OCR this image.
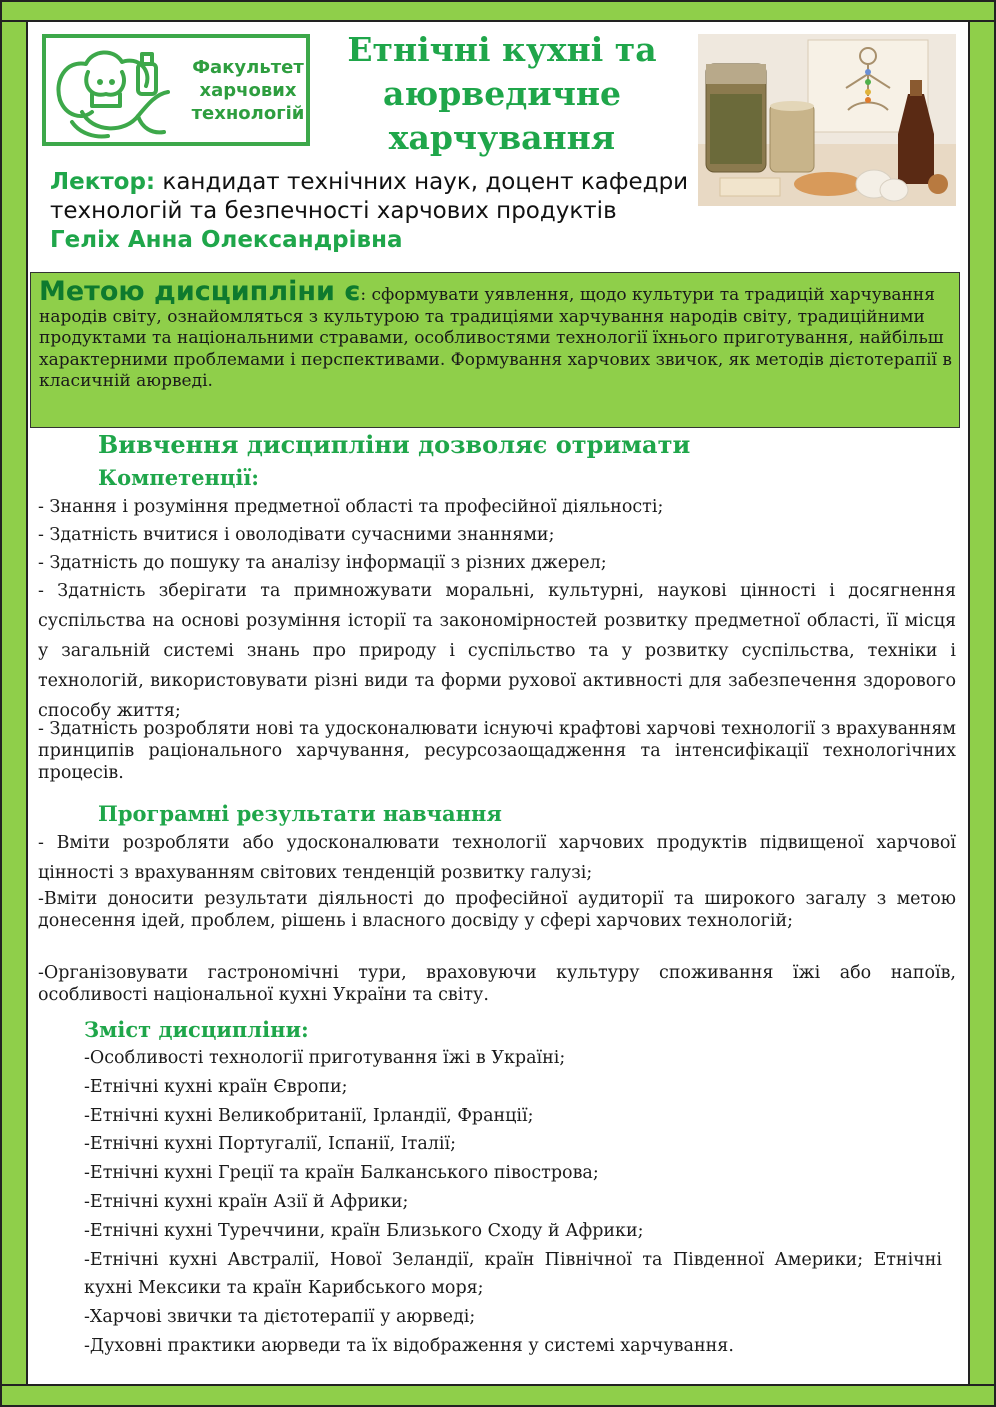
Факультет
харчових
технологій
Етнічні кухні та
аюрведичне
харчування
Лектор: кандидат технічних наук, доцент кафедри технологій та безпечності харчових продуктів Геліх Анна Олександрівна
Метою дисципліни є: сформувати уявлення, щодо культури та традицій харчування народів світу, ознайомляться з культурою та традиціями харчування народів світу, традиційними продуктами та національними стравами, особливостями технології їхнього приготування, найбільш характерними проблемами і перспективами. Формування харчових звичок, як методів дієтотерапії в класичній аюрведі.
Вивчення дисципліни дозволяє отримати
Компетенції:
- Знання і розуміння предметної області та професійної діяльності;
- Здатність вчитися і оволодівати сучасними знаннями;
- Здатність до пошуку та аналізу інформації з різних джерел;
- Здатність зберігати та примножувати моральні, культурні, наукові цінності і досягнення суспільства на основі розуміння історії та закономірностей розвитку предметної області, її місця у загальній системі знань про природу і суспільство та у розвитку суспільства, техніки і технологій, використовувати різні види та форми рухової активності для забезпечення здорового способу життя;
- Здатність розробляти нові та удосконалювати існуючі крафтові харчові технології з врахуванням принципів раціонального харчування, ресурсозаощадження та інтенсифікації технологічних процесів.
Програмні результати навчання
- Вміти розробляти або удосконалювати технології харчових продуктів підвищеної харчової цінності з врахуванням світових тенденцій розвитку галузі;
-Вміти доносити результати діяльності до професійної аудиторії та широкого загалу з метою донесення ідей, проблем, рішень і власного досвіду у сфері харчових технологій;
-Організовувати гастрономічні тури, враховуючи культуру споживання їжі або напоїв, особливості національної кухні України та світу.
Зміст дисципліни:
-Особливості технології приготування їжі в Україні;
-Етнічні кухні країн Європи;
-Етнічні кухні Великобританії, Ірландії, Франції;
-Етнічні кухні Португалії, Іспанії, Італії;
-Етнічні кухні Греції та країн Балканського півострова;
-Етнічні кухні країн Азії й Африки;
-Етнічні кухні Туреччини, країн Близького Сходу й Африки;
-Етнічні кухні Австралії, Нової Зеландії, країн Північної та Південної Америки; Етнічні кухні Мексики та країн Карибського моря;
-Харчові звички та дієтотерапії у аюрведі;
-Духовні практики аюрведи та їх відображення у системі харчування.
